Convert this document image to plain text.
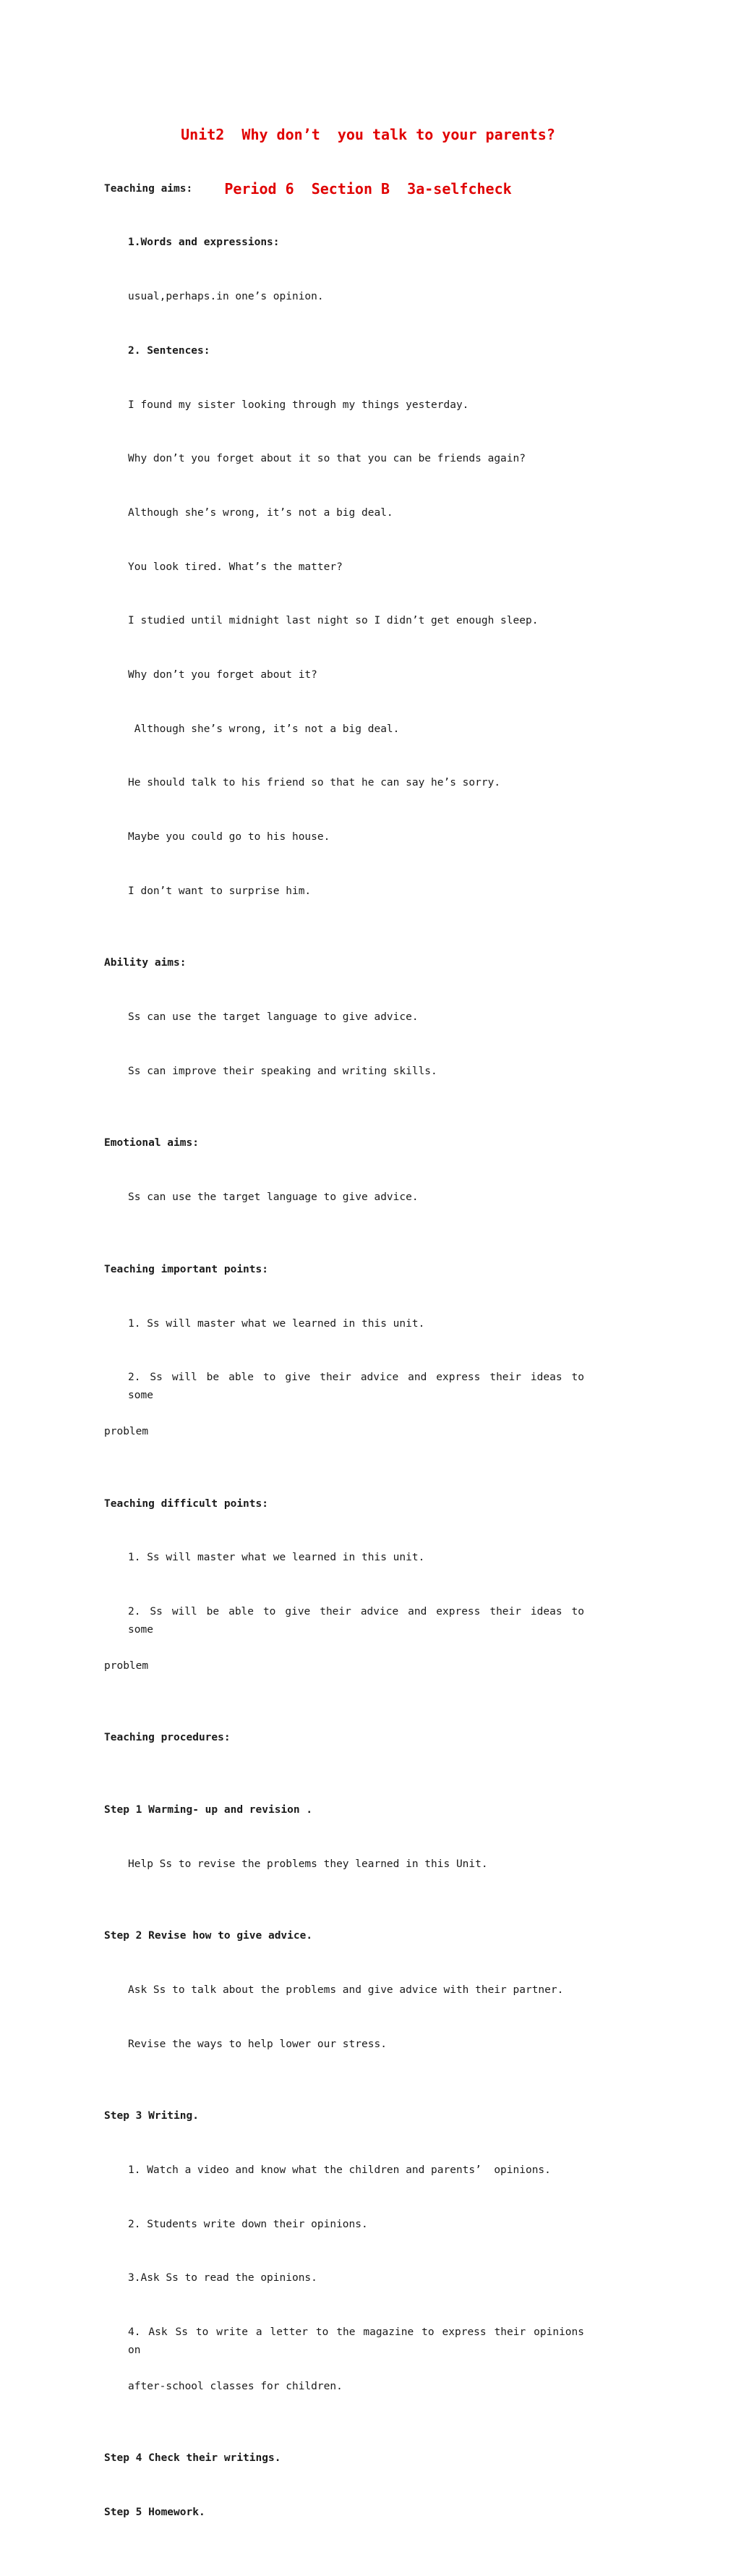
Unit2  Why don’t  you talk to your parents?

Period 6  Section B  3a-selfcheck

Teaching aims:

1.Words and expressions:

usual,perhaps.in one’s opinion.

2. Sentences:

I found my sister looking through my things yesterday.

Why don’t you forget about it so that you can be friends again?

Although she’s wrong, it’s not a big deal.

You look tired. What’s the matter?

I studied until midnight last night so I didn’t get enough sleep.

Why don’t you forget about it?

Although she’s wrong, it’s not a big deal.

He should talk to his friend so that he can say he’s sorry.

Maybe you could go to his house.

I don’t want to surprise him.

Ability aims:

Ss can use the target language to give advice.

Ss can improve their speaking and writing skills.

Emotional aims:

Ss can use the target language to give advice.

Teaching important points:

1. Ss will master what we learned in this unit.

2. Ss will be able to give their advice and express their ideas to some

problem

Teaching difficult points:

1. Ss will master what we learned in this unit.

2. Ss will be able to give their advice and express their ideas to some

problem

Teaching procedures:

Step 1 Warming- up and revision .

Help Ss to revise the problems they learned in this Unit.

Step 2 Revise how to give advice.

Ask Ss to talk about the problems and give advice with their partner.

Revise the ways to help lower our stress.

Step 3 Writing.

1. Watch a video and know what the children and parents’  opinions.

2. Students write down their opinions.

3.Ask Ss to read the opinions.

4. Ask Ss to write a letter to the magazine to express their opinions on

after-school classes for children.

Step 4 Check their writings.

Step 5 Homework.
